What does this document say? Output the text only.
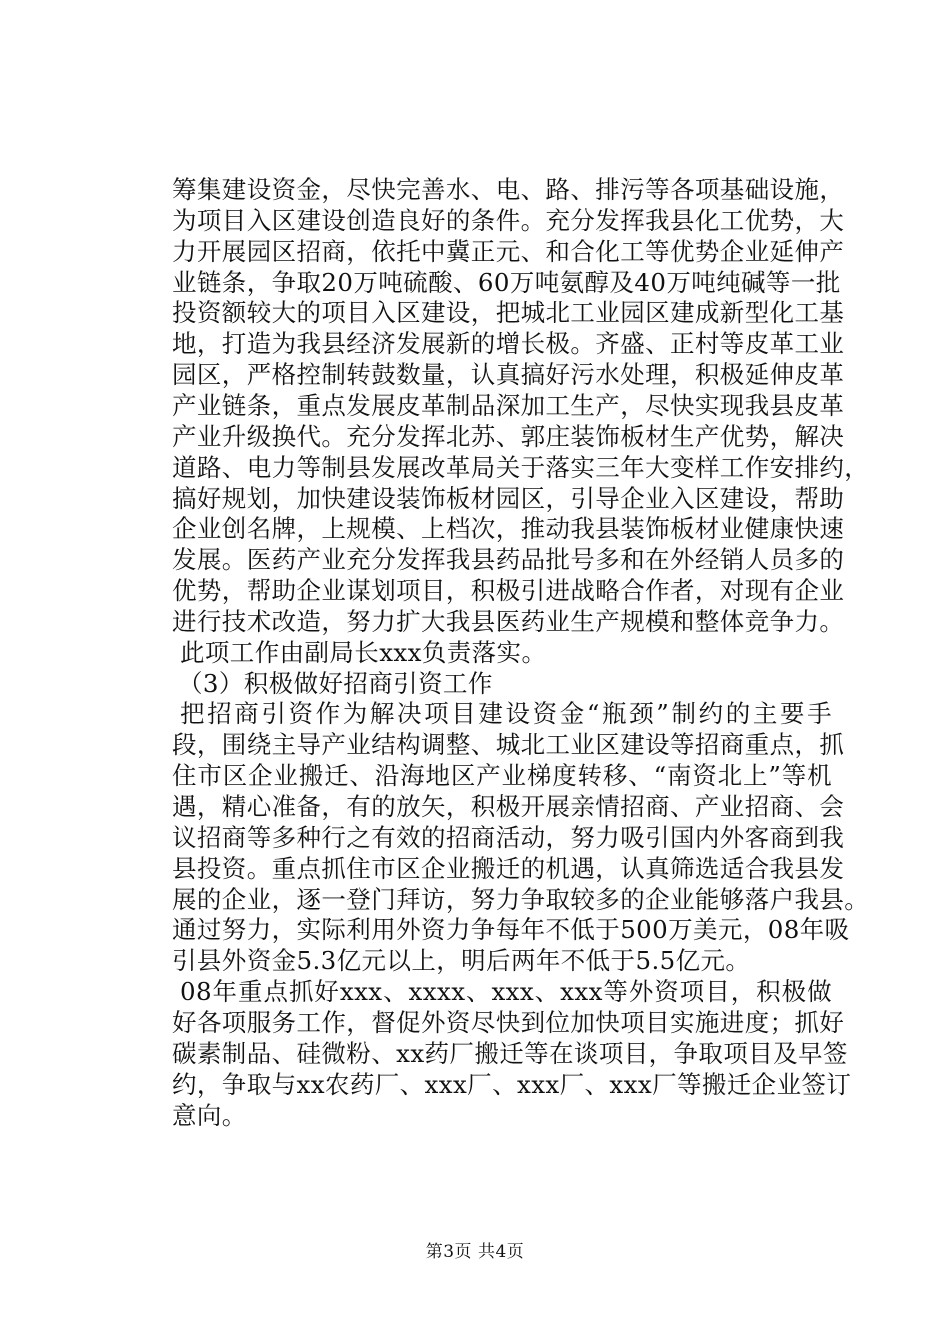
筹集建设资金，尽快完善水、电、路、排污等各项基础设施，
为项目入区建设创造良好的条件。充分发挥我县化工优势，大
力开展园区招商，依托中冀正元、和合化工等优势企业延伸产
业链条，争取20万吨硫酸、60万吨氨醇及40万吨纯碱等一批
投资额较大的项目入区建设，把城北工业园区建成新型化工基
地，打造为我县经济发展新的增长极。齐盛、正村等皮革工业
园区，严格控制转鼓数量，认真搞好污水处理，积极延伸皮革
产业链条，重点发展皮革制品深加工生产，尽快实现我县皮革
产业升级换代。充分发挥北苏、郭庄装饰板材生产优势，解决
道路、电力等制县发展改革局关于落实三年大变样工作安排约，
搞好规划，加快建设装饰板材园区，引导企业入区建设，帮助
企业创名牌，上规模、上档次，推动我县装饰板材业健康快速
发展。医药产业充分发挥我县药品批号多和在外经销人员多的
优势，帮助企业谋划项目，积极引进战略合作者，对现有企业
进行技术改造，努力扩大我县医药业生产规模和整体竞争力。
此项工作由副局长xxx负责落实。
（3）积极做好招商引资工作
把招商引资作为解决项目建设资金“瓶颈”制约的主要手
段，围绕主导产业结构调整、城北工业区建设等招商重点，抓
住市区企业搬迁、沿海地区产业梯度转移、“南资北上”等机
遇，精心准备，有的放矢，积极开展亲情招商、产业招商、会
议招商等多种行之有效的招商活动，努力吸引国内外客商到我
县投资。重点抓住市区企业搬迁的机遇，认真筛选适合我县发
展的企业，逐一登门拜访，努力争取较多的企业能够落户我县。
通过努力，实际利用外资力争每年不低于500万美元，08年吸
引县外资金5.3亿元以上，明后两年不低于5.5亿元。
08年重点抓好xxx、xxxx、xxx、xxx等外资项目，积极做
好各项服务工作，督促外资尽快到位加快项目实施进度；抓好
碳素制品、硅微粉、xx药厂搬迁等在谈项目，争取项目及早签
约，争取与xx农药厂、xxx厂、xxx厂、xxx厂等搬迁企业签订
意向。
第3页 共4页
